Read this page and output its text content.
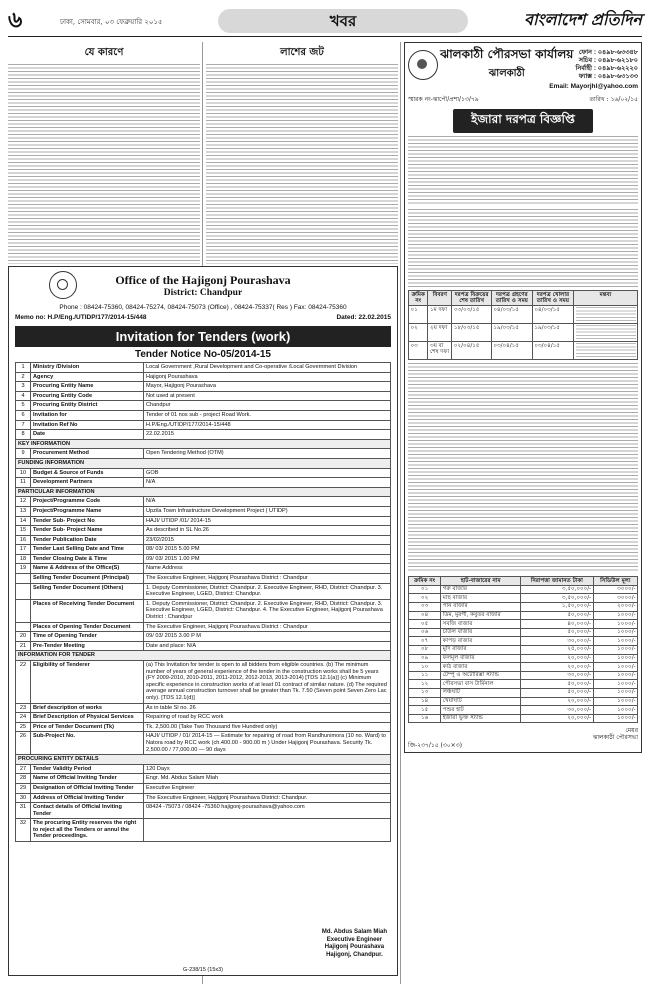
৬	ঢাকা, সোমবার, ০৩ ফেব্রুয়ারি ২০১৫	খবর	বাংলাদেশ প্রতিদিন
যে কারণে	লাশের জট
Office of the Hajigonj Pourashava
District: Chandpur
Phone : 08424-75360, 08424-75274, 08424-75073 (Office) , 08424-75337( Res ) Fax: 08424-75360
Memo no: H.P/Eng./UTIDP/177/2014-15/448	Dated: 22.02.2015
Invitation for Tenders (work)
Tender Notice No-05/2014-15
1	Ministry /Division	Local Government ,Rural Development and Co-operative /Local Government Division
2	Agency	Hajigonj Pourashava
3	Procuring Entity Name	Mayor, Hajigonj Pourashava
4	Procuring Entity Code	Not used at present
5	Procuring Entity District	Chandpur
6	Invitation for	Tender of 01 nos sub - project Road Work.
7	Invitation Ref No	H.P/Eng./UTIDP/177/2014-15/448
8	Date	22.02.2015
KEY INFORMATION		
9	Procurement Method	Open Tendering Method (OTM)
FUNDING INFORMATION		
10	Budget & Source of Funds	GOB
11	Development Partners	N/A
PARTICULAR INFORMATION		
12	Project/Programme Code	N/A
13	Project/Programme Name	Upzila Town Infrastructure Development Project ( UTIDP)
14	Tender Sub- Project No	HAJI/ UTIDP /01/ 2014-15
15	Tender Sub- Project Name	As described in SL No.26
16	Tender Publication Date	23/02/2015
17	Tender Last Selling Date and Time	08/ 03/ 2015 5.00 PM
18	Tender Closing Date & Time	09/ 03/ 2015 1.00 PM
19	Name & Address of the Office(S)	Name Address
	Selling Tender Document (Principal)	The Executive Engineer, Hajigonj Pourashava District : Chandpur
	Selling Tender Document (Others)	1. Deputy Commissioner, District: Chandpur. 2. Executive Engineer, RHD, District: Chandpur. 3. Executive Engineer, LGED, District: Chandpur.
	Places of Receiving Tender Document	1. Deputy Commissioner, District: Chandpur. 2. Executive Engineer, RHD, District: Chandpur. 3. Executive Engineer, LGED, District: Chandpur. 4. The Executive Engineer, Hajigonj Pourashava District : Chandpur
	Places of Opening Tender Document	The Executive Engineer, Hajigonj Pourashava District : Chandpur
20	Time of Opening Tender	09/ 03/ 2015 3.00 P M
21	Pre-Tender Meeting	Date and place: N/A
INFORMATION FOR TENDER		
22	Eligibility of Tenderer	(a) This Invitation for tender is open to all bidders from eligible countries. (b) The minimum number of years of general experience of the tender in the construction works shall be 5 years (FY 2009-2010, 2010-2011, 2011-2012, 2012-2013, 2013-2014) [TDS 12.1(a)] (c) Minimum specific experience in construction works of at least 01 contract of similar nature. (d) The required average annual construction turnover shall be greater than Tk. 7.50 (Seven point Seven Zero Lac only). [TDS 12.1(d)]
23	Brief description of works	As in table Sl no. 26
24	Brief Description of Physical Services	Repairing of road by RCC work
25	Price of Tender Document (Tk)	Tk. 2,500.00 (Take Two Thousand five Hundred only)
26	Sub-Project No.	HAJI/ UTIDP / 01/ 2014-15 — Estimate for repairing of road from Randhunimora (10 no. Ward) to Natora road by RCC work (ch.400.00 - 900.00 m ) Under Hajigonj Pourashava. Security Tk. 2,500.00 / 77,000.00 — 90 days
PROCURING ENTITY DETAILS		
27	Tender Validity Period	120 Days
28	Name of Official Inviting Tender	Engr. Md. Abdus Salam Miah
29	Designation of Official Inviting Tender	Executive Engineer
30	Address of Official Inviting Tender	The Executive Engineer, Hajigonj Pourashava District: Chandpur.
31	Contact details of Official Inviting Tender	08424 -75073 / 08424 -75360 hajigonj-pourashava@yahoo.com
32	The procuring Entity reserves the right to reject all the Tenders or annul the Tender proceedings.	
Md. Abdus Salam Miah
Executive Engineer
Hajigonj Pourashava
Hajigonj, Chandpur.
G-238/15 (15x3)
ঝালকাঠী পৌরসভা কার্যালয়
ঝালকাঠী
ফোন : ০৪৯৮-৬৩৩৪৮
সচিব : ০৪৯৮-৬২১৮০
নির্বাহী : ০৪৯৮-৬২২২০
ফ্যাক্স : ০৪৯৮-৬৩১৩৩
Email: Mayorjhl@yahoo.com
স্মারক নং-ঝাপৌ/প্রশা/১৩/৭৯	তারিখ : ১৬/০২/১৫
ইজারা দরপত্র বিজ্ঞপ্তি
ক্রমিক নং	বিবরণ	দরপত্র বিক্রয়ের শেষ তারিখ	দরপত্র গ্রহণের তারিখ ও সময়	দরপত্র খোলার তারিখ ও সময়	মন্তব্য
০১	১ম দফা	০৩/০৩/১৫	০৪/০৩/১৫	০৪/০৩/১৫	

০২	২য় দফা	১৮/০৩/১৫	১৯/০৩/১৫	১৯/০৩/১৫	

০৩	৩য় বা শেষ দফা	০২/০৪/১৫	০৩/০৪/১৫	০৩/০৪/১৫	
ক্রমিক নং	হাট-বাজারের নাম	নিরাপত্তা জামানত টাকা	সিডিউল মূল্য
০১	গরু বাজার	৩,৫০,০০০/-	৩০০০/-
০২	মাছ বাজার	৩,৫০,০০০/-	৩০০০/-
০৩	পান বাজার	১,৫০,০০০/-	২০০০/-
০৪	ডিম, মুরগী, কবুতর বাজার	৫০,০০০/-	১০০০/-
০৫	সবজি বাজার	৪০,০০০/-	১০০০/-
০৬	চাউল বাজার	৫০,০০০/-	১০০০/-
০৭	কাপড় বাজার	৩০,০০০/-	১০০০/-
০৮	মুদি বাজার	২৫,০০০/-	১০০০/-
০৯	ফলমূল বাজার	২০,০০০/-	১০০০/-
১০	কাঠ বাজার	২০,০০০/-	১০০০/-
১১	টেম্পু ও অটোরিক্সা স্ট্যান্ড	৩০,০০০/-	১০০০/-
১২	পৌরসভা বাস টার্মিনাল	৫০,০০০/-	১০০০/-
১৩	লঞ্চঘাট	৫০,০০০/-	১০০০/-
১৪	খেয়াঘাট	২০,০০০/-	১০০০/-
১৫	পশুর হাট	৩০,০০০/-	১০০০/-
১৬	ইজারা ভুক্ত স্ট্যান্ড	২০,০০০/-	১০০০/-
মেয়র
ঝালকাঠী পৌরসভা
জি-২৩৭/১৫ (৩০×৩)
